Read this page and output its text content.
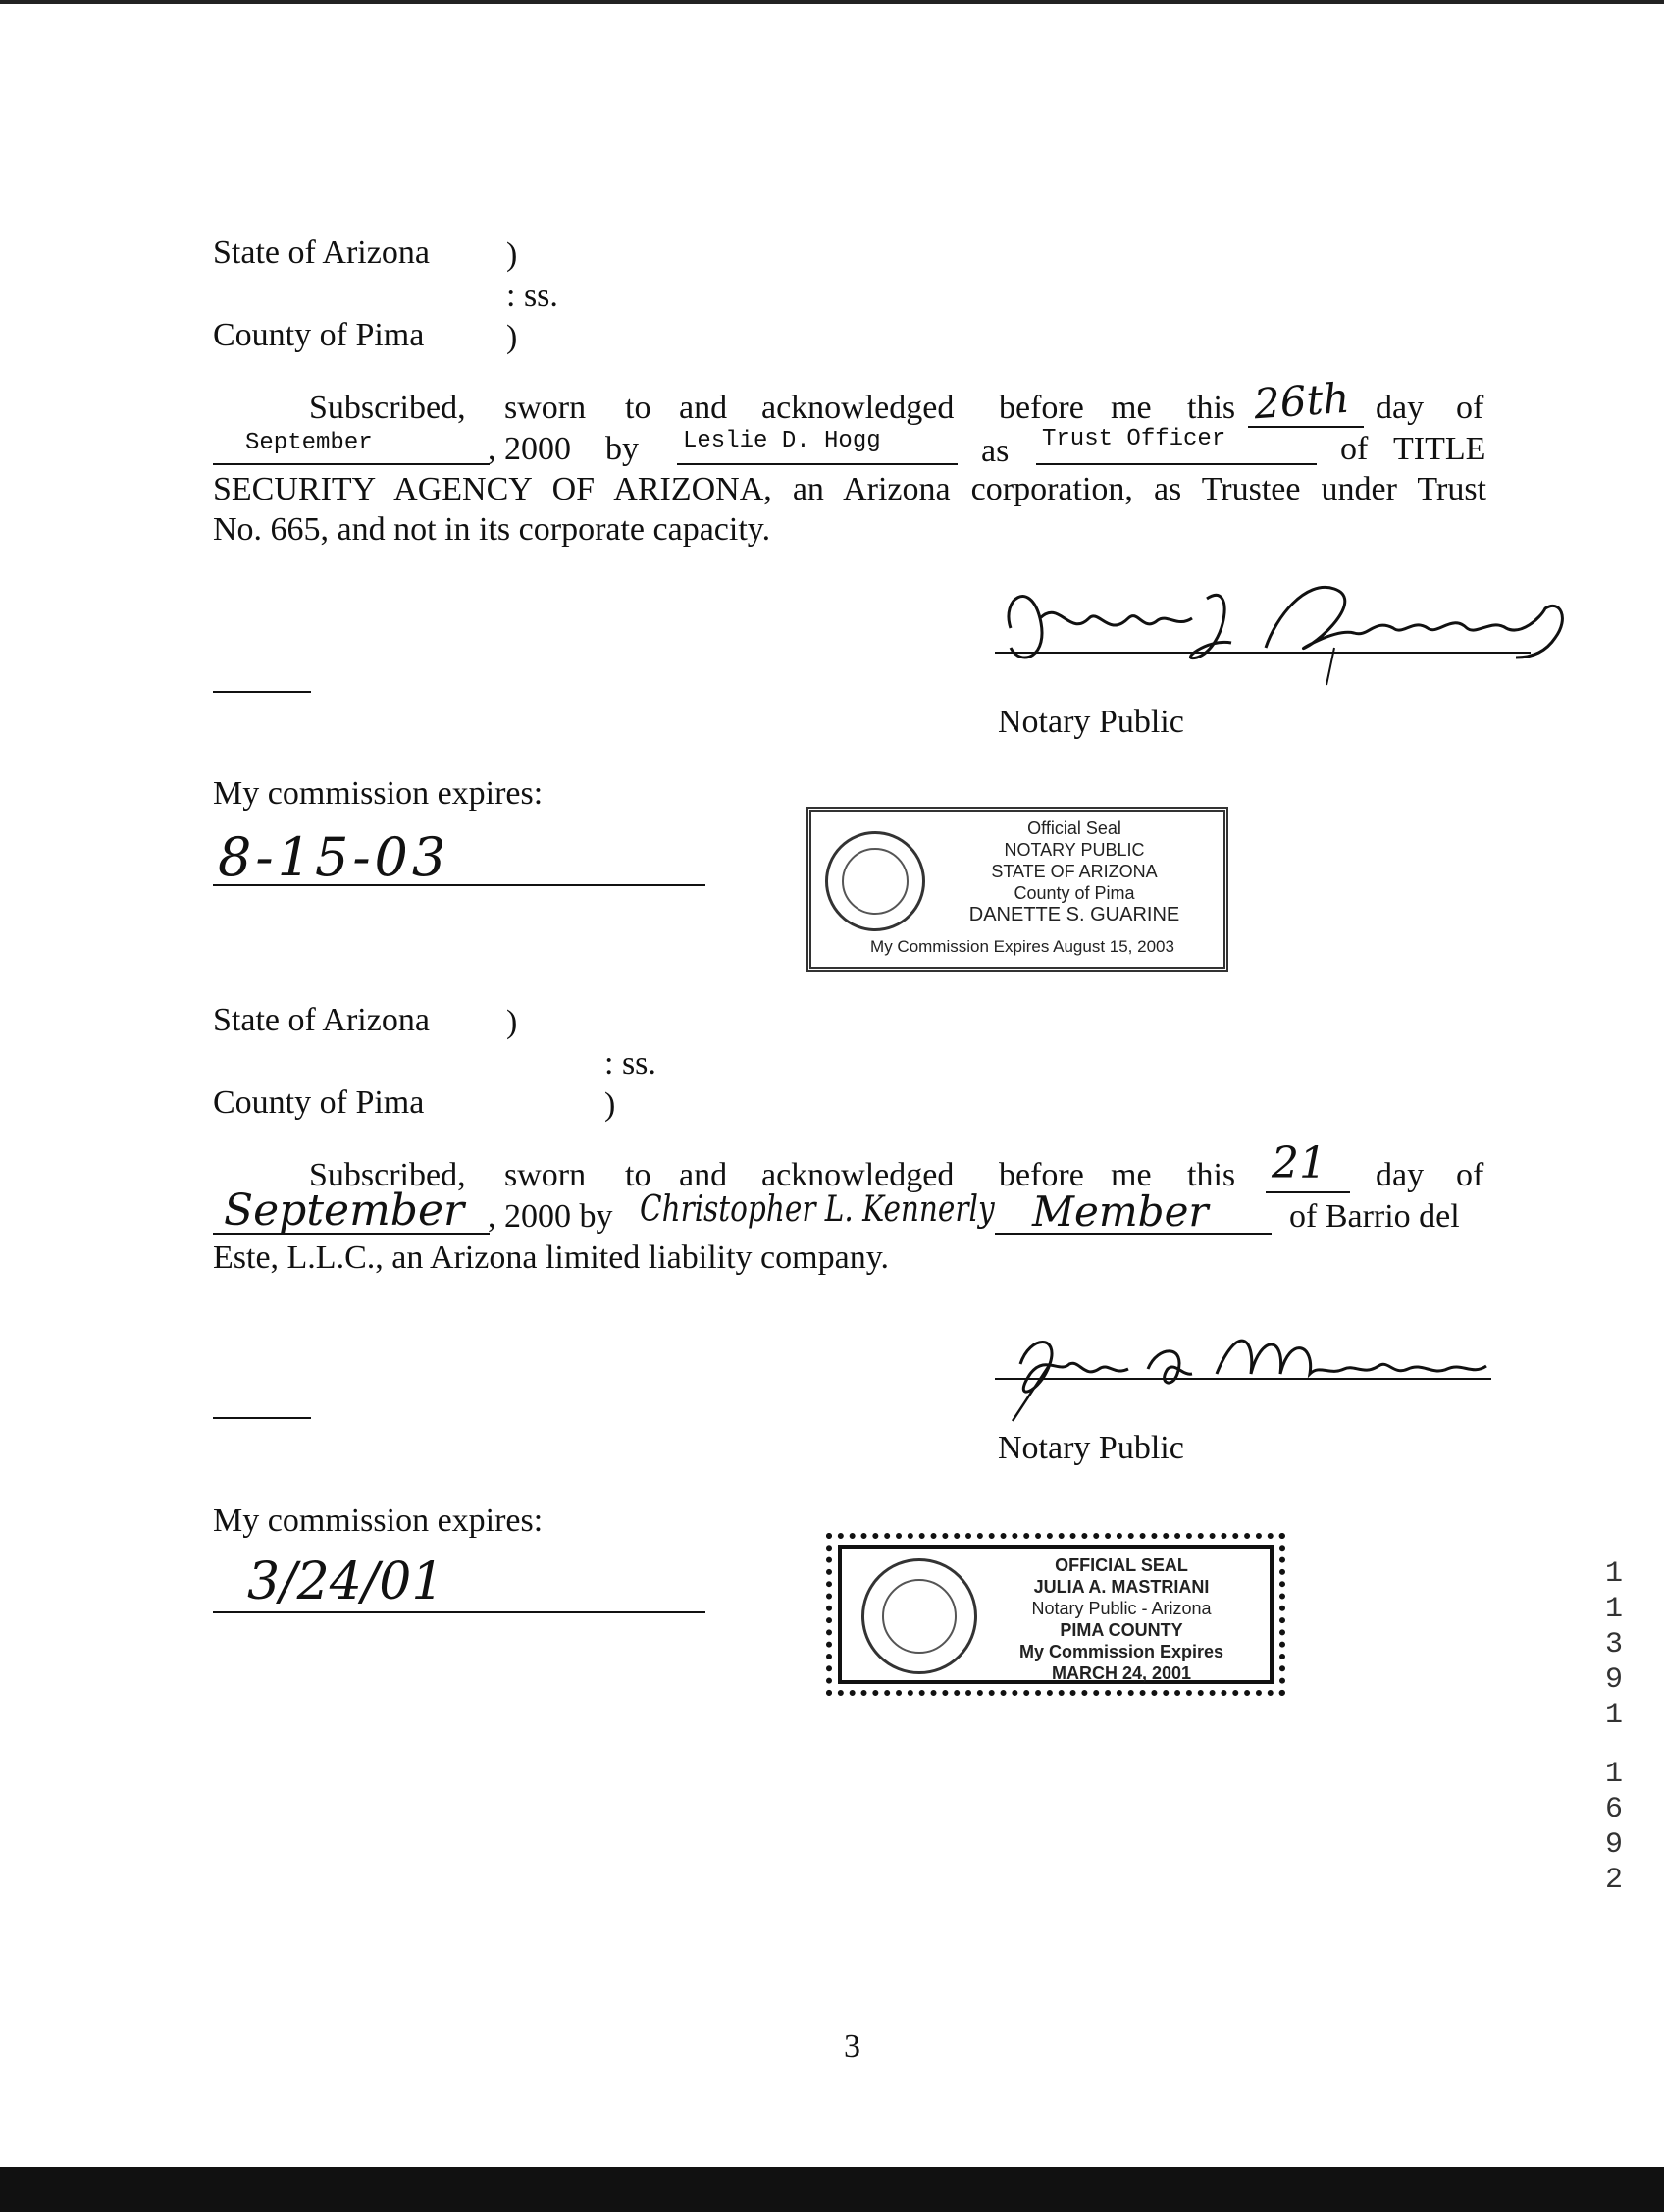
State of Arizona )
: ss.
County of Pima )
Subscribed, sworn to and acknowledged before me this 26th day of
September	, 2000 by Leslie D. Hogg	as Trust Officer	of TITLE
SECURITY AGENCY OF ARIZONA, an Arizona corporation, as Trustee under Trust
No. 665, and not in its corporate capacity.
Notary Public
My commission expires:
8-15-03	Official Seal
NOTARY PUBLIC
STATE OF ARIZONA
County of Pima
DANETTE S. GUARINE
My Commission Expires August 15, 2003
State of Arizona )
: ss.
County of Pima	)
Subscribed, sworn to and acknowledged before me this 21 day of
September , 2000 by Christopher L. Kennerly Member of Barrio del
Este, L.L.C., an Arizona limited liability company.
Notary Public
My commission expires:
3/24/01	OFFICIAL SEAL
JULIA A. MASTRIANI
Notary Public - Arizona
PIMA COUNTY
My Commission Expires
MARCH 24, 2001
1
1
3
9
1
1
6
9
2
3
